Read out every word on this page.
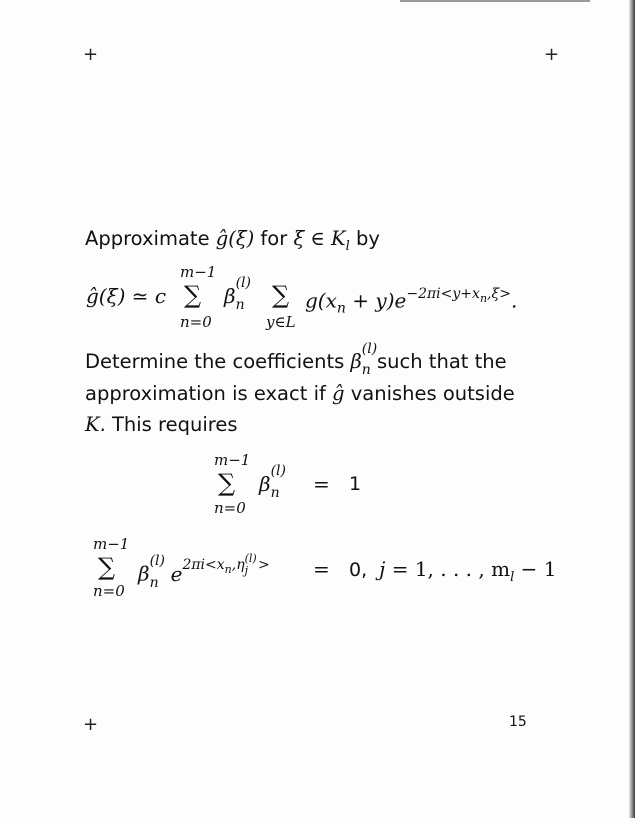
+	+
+
Approximate ĝ(ξ) for ξ ∈ $K_l$ by
ĝ(ξ) ≃ c
m−1
∑
n=0
β
(l)
$_n$ ∑
y∈L
$g(x_n + y)e^{-2\pi i<y+x_n,\xi>}$.
Determine the coefficients β
(l)
$_n$ such that the
approximation is exact if ĝ vanishes outside
K. This requires
m−1
∑
n=0
β
(l)
$_n$ = 1
m−1
∑
n=0
β
(l)
$_n$ $e^{2\pi i<x_n,\eta (l) _j >} = 0$, j = 1, . . . , $m_l - 1$
15
